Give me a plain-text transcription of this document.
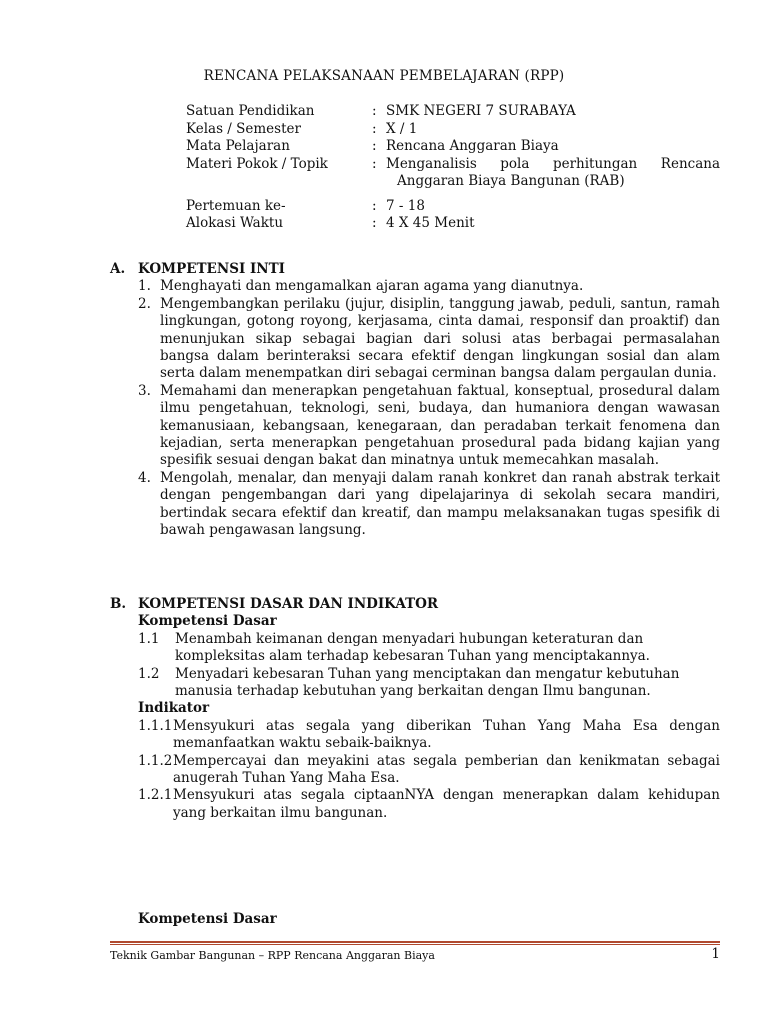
RENCANA PELAKSANAAN PEMBELAJARAN (RPP)
Satuan Pendidikan	: SMK NEGERI 7 SURABAYA
Kelas / Semester	: X / 1
Mata Pelajaran	: Rencana Anggaran Biaya
Materi Pokok / Topik	: Menganalisis pola perhitungan Rencana
Anggaran Biaya Bangunan (RAB)
Pertemuan ke-	: 7 - 18
Alokasi Waktu	: 4 X 45 Menit
A. KOMPETENSI INTI
1. Menghayati dan mengamalkan ajaran agama yang dianutnya.
2. Mengembangkan perilaku (jujur, disiplin, tanggung jawab, peduli, santun, ramah lingkungan, gotong royong, kerjasama, cinta damai, responsif dan proaktif) dan menunjukan sikap sebagai bagian dari solusi atas berbagai permasalahan bangsa dalam berinteraksi secara efektif dengan lingkungan sosial dan alam serta dalam menempatkan diri sebagai cerminan bangsa dalam pergaulan dunia.
3. Memahami dan menerapkan pengetahuan faktual, konseptual, prosedural dalam ilmu pengetahuan, teknologi, seni, budaya, dan humaniora dengan wawasan kemanusiaan, kebangsaan, kenegaraan, dan peradaban terkait fenomena dan kejadian, serta menerapkan pengetahuan prosedural pada bidang kajian yang spesifik sesuai dengan bakat dan minatnya untuk memecahkan masalah.
4. Mengolah, menalar, dan menyaji dalam ranah konkret dan ranah abstrak terkait dengan pengembangan dari yang dipelajarinya di sekolah secara mandiri, bertindak secara efektif dan kreatif, dan mampu melaksanakan tugas spesifik di bawah pengawasan langsung.
B. KOMPETENSI DASAR DAN INDIKATOR
Kompetensi Dasar
1.1	Menambah keimanan dengan menyadari hubungan keteraturan dan
kompleksitas alam terhadap kebesaran Tuhan yang menciptakannya.
1.2	Menyadari kebesaran Tuhan yang menciptakan dan mengatur kebutuhan
manusia terhadap kebutuhan yang berkaitan dengan Ilmu bangunan.
Indikator
1.1.1 Mensyukuri atas segala yang diberikan Tuhan Yang Maha Esa dengan memanfaatkan waktu sebaik-baiknya.
1.1.2 Mempercayai dan meyakini atas segala pemberian dan kenikmatan sebagai anugerah Tuhan Yang Maha Esa.
1.2.1 Mensyukuri atas segala ciptaanNYA dengan menerapkan dalam kehidupan yang berkaitan ilmu bangunan.
Kompetensi Dasar
Teknik Gambar Bangunan – RPP Rencana Anggaran Biaya	1
